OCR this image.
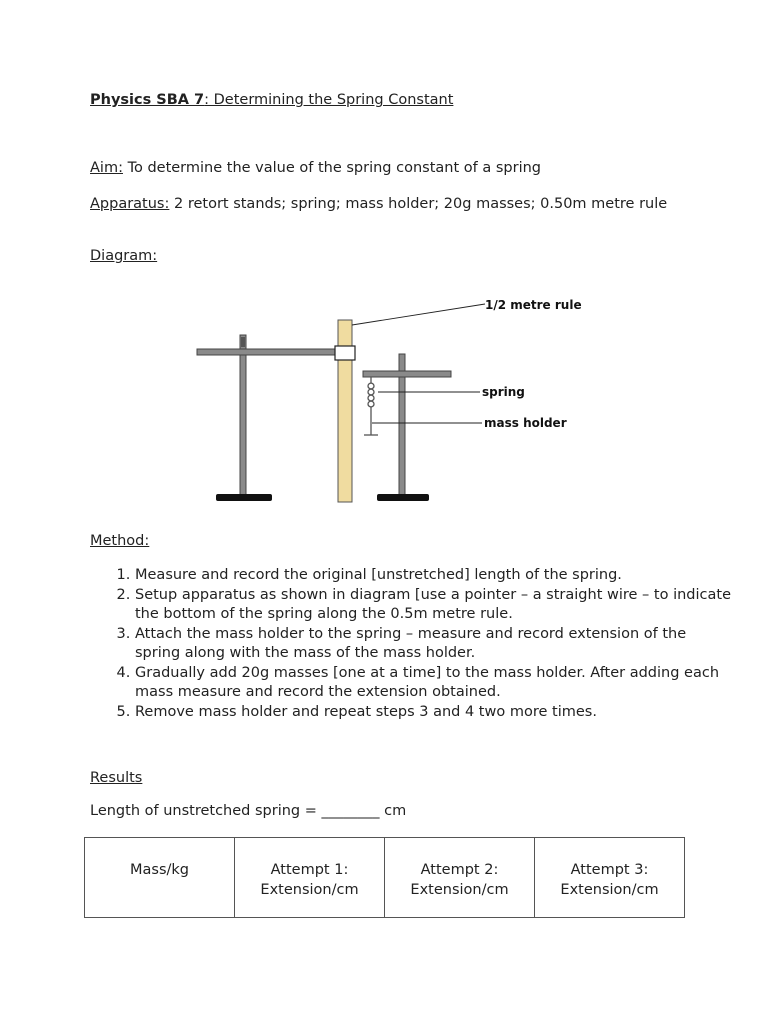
Physics SBA 7: Determining the Spring Constant
Aim: To determine the value of the spring constant of a spring
Apparatus: 2 retort stands; spring; mass holder; 20g masses; 0.50m metre rule
Diagram:
1/2 metre rule
spring
mass holder
Method:
1. Measure and record the original [unstretched] length of the spring.
2. Setup apparatus as shown in diagram [use a pointer – a straight wire – to indicate the bottom of the spring along the 0.5m metre rule.
3. Attach the mass holder to the spring – measure and record extension of the spring along with the mass of the mass holder.
4. Gradually add 20g masses [one at a time] to the mass holder. After adding each mass measure and record the extension obtained.
5. Remove mass holder and repeat steps 3 and 4 two more times.
Results
Length of unstretched spring = ________ cm
Mass/kg	Attempt 1: Extension/cm	Attempt 2: Extension/cm	Attempt 3: Extension/cm
